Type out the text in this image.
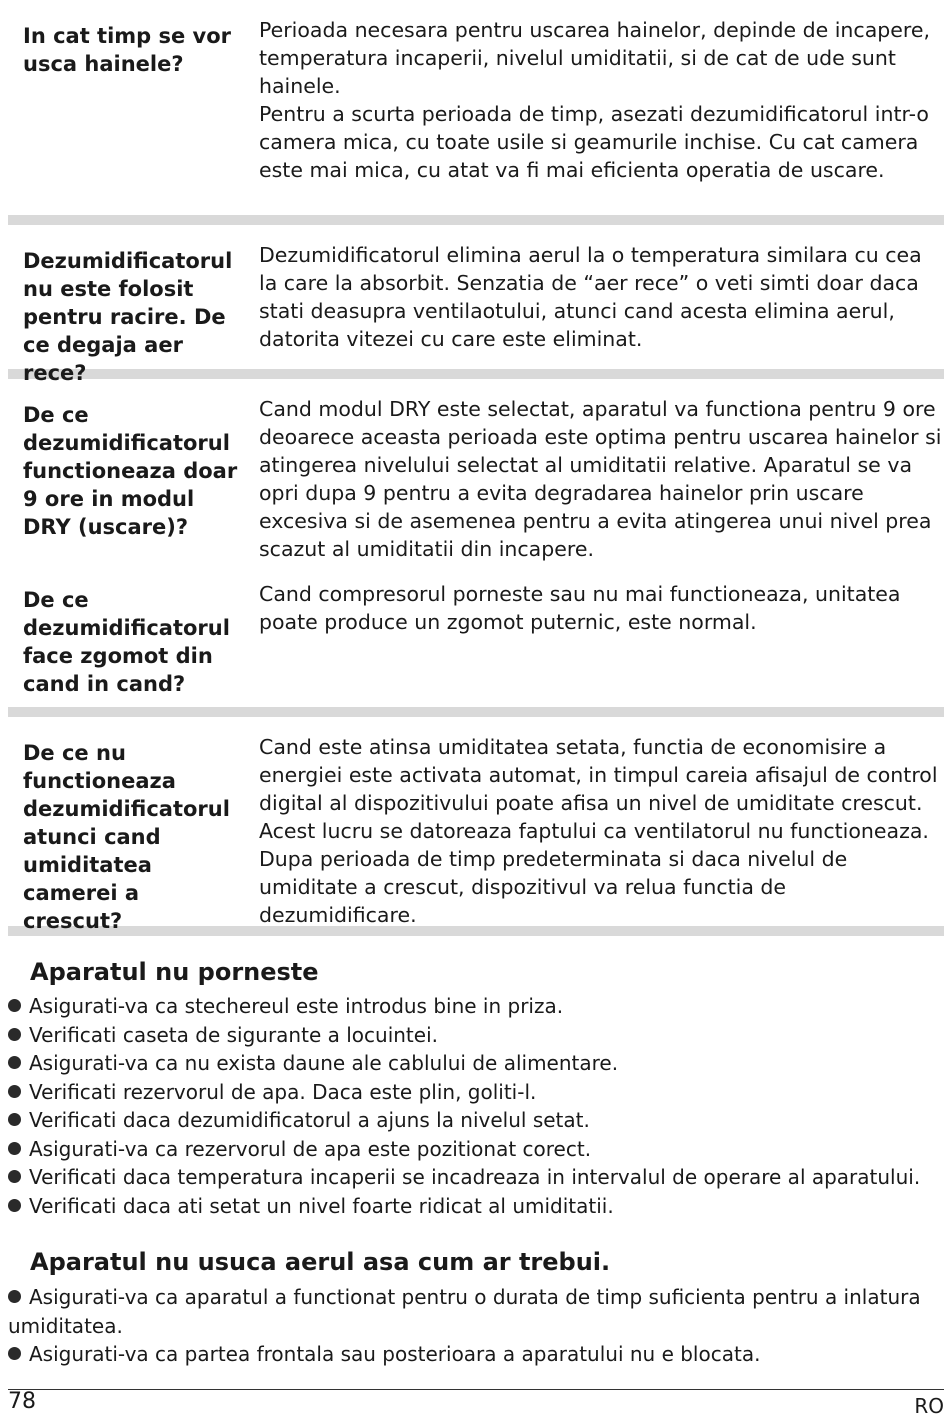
In cat timp se vor usca hainele?

Perioada necesara pentru uscarea hainelor, depinde de incapere, temperatura incaperii, nivelul umiditatii, si de cat de ude sunt hainele.

Pentru a scurta perioada de timp, asezati dezumidificatorul intr-o camera mica, cu toate usile si geamurile inchise. Cu cat camera este mai mica, cu atat va fi mai eficienta operatia de uscare.

Dezumidificatorul nu este folosit pentru racire. De ce degaja aer rece?

Dezumidificatorul elimina aerul la o temperatura similara cu cea la care la absorbit. Senzatia de “aer rece” o veti simti doar daca stati deasupra ventilaotului, atunci cand acesta elimina aerul, datorita vitezei cu care este eliminat.

De ce dezumidificatorul functioneaza doar 9 ore in modul DRY (uscare)?

Cand modul DRY este selectat, aparatul va functiona pentru 9 ore deoarece aceasta perioada este optima pentru uscarea hainelor si atingerea nivelului selectat al umiditatii relative. Aparatul se va opri dupa 9 pentru a evita degradarea hainelor prin uscare excesiva si de asemenea pentru a evita atingerea unui nivel prea scazut al umiditatii din incapere.

De ce dezumidificatorul face zgomot din cand in cand?

Cand compresorul porneste sau nu mai functioneaza, unitatea poate produce un zgomot puternic, este normal.

De ce nu functioneaza dezumidificatorul atunci cand umiditatea camerei a crescut?

Cand este atinsa umiditatea setata, functia de economisire a energiei este activata automat, in timpul careia afisajul de control digital al dispozitivului poate afisa un nivel de umiditate crescut. Acest lucru se datoreaza faptului ca ventilatorul nu functioneaza. Dupa perioada de timp predeterminata si daca nivelul de umiditate a crescut, dispozitivul va relua functia de dezumidificare.

Aparatul nu porneste
Asigurati-va ca stechereul este introdus bine in priza.
Verificati caseta de sigurante a locuintei.
Asigurati-va ca nu exista daune ale cablului de alimentare.
Verificati rezervorul de apa. Daca este plin, goliti-l.
Verificati daca dezumidificatorul a ajuns la nivelul setat.
Asigurati-va ca rezervorul de apa este pozitionat corect.
Verificati daca temperatura incaperii se incadreaza in intervalul de operare al aparatului.
Verificati daca ati setat un nivel foarte ridicat al umiditatii.
Aparatul nu usuca aerul asa cum ar trebui.
Asigurati-va ca aparatul a functionat pentru o durata de timp suficienta pentru a inlatura umiditatea.
Asigurati-va ca partea frontala sau posterioara a aparatului nu e blocata.
78	RO
